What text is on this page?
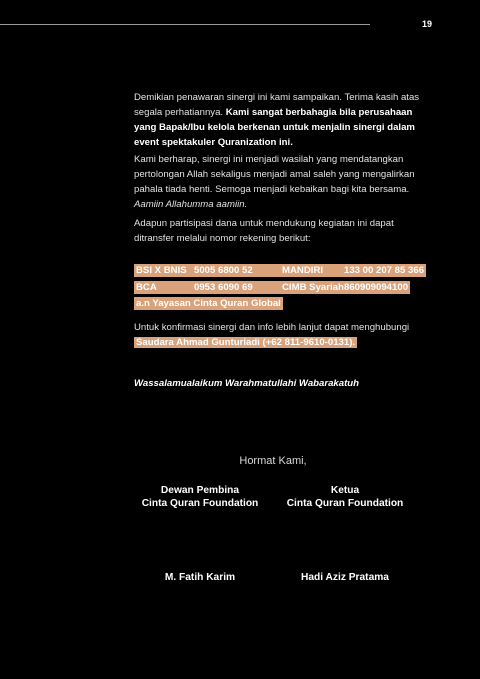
19
Demikian penawaran sinergi ini kami sampaikan. Terima kasih atas segala perhatiannya. Kami sangat berbahagia bila perusahaan yang Bapak/Ibu kelola berkenan untuk menjalin sinergi dalam event spektakuler Quranization ini.
Kami berharap, sinergi ini menjadi wasilah yang mendatangkan pertolongan Allah sekaligus menjadi amal saleh yang mengalirkan pahala tiada henti. Semoga menjadi kebaikan bagi kita bersama.
Aamiin Allahumma aamiin.
Adapun partisipasi dana untuk mendukung kegiatan ini dapat ditransfer melalui nomor rekening berikut:
BSI X BNIS 5005 6800 52	MANDIRI 133 00 207 85 366
BCA	0953 6090 69	CIMB Syariah860909094100
a.n Yayasan Cinta Quran Global
Untuk konfirmasi sinergi dan info lebih lanjut dapat menghubungi
Saudara Ahmad Gunturiadi (+62 811-9610-0131).
Wassalamualaikum Warahmatullahi Wabarakatuh
Hormat Kami,
Dewan Pembina
Cinta Quran Foundation
Ketua
Cinta Quran Foundation
M. Fatih Karim	Hadi Aziz Pratama
